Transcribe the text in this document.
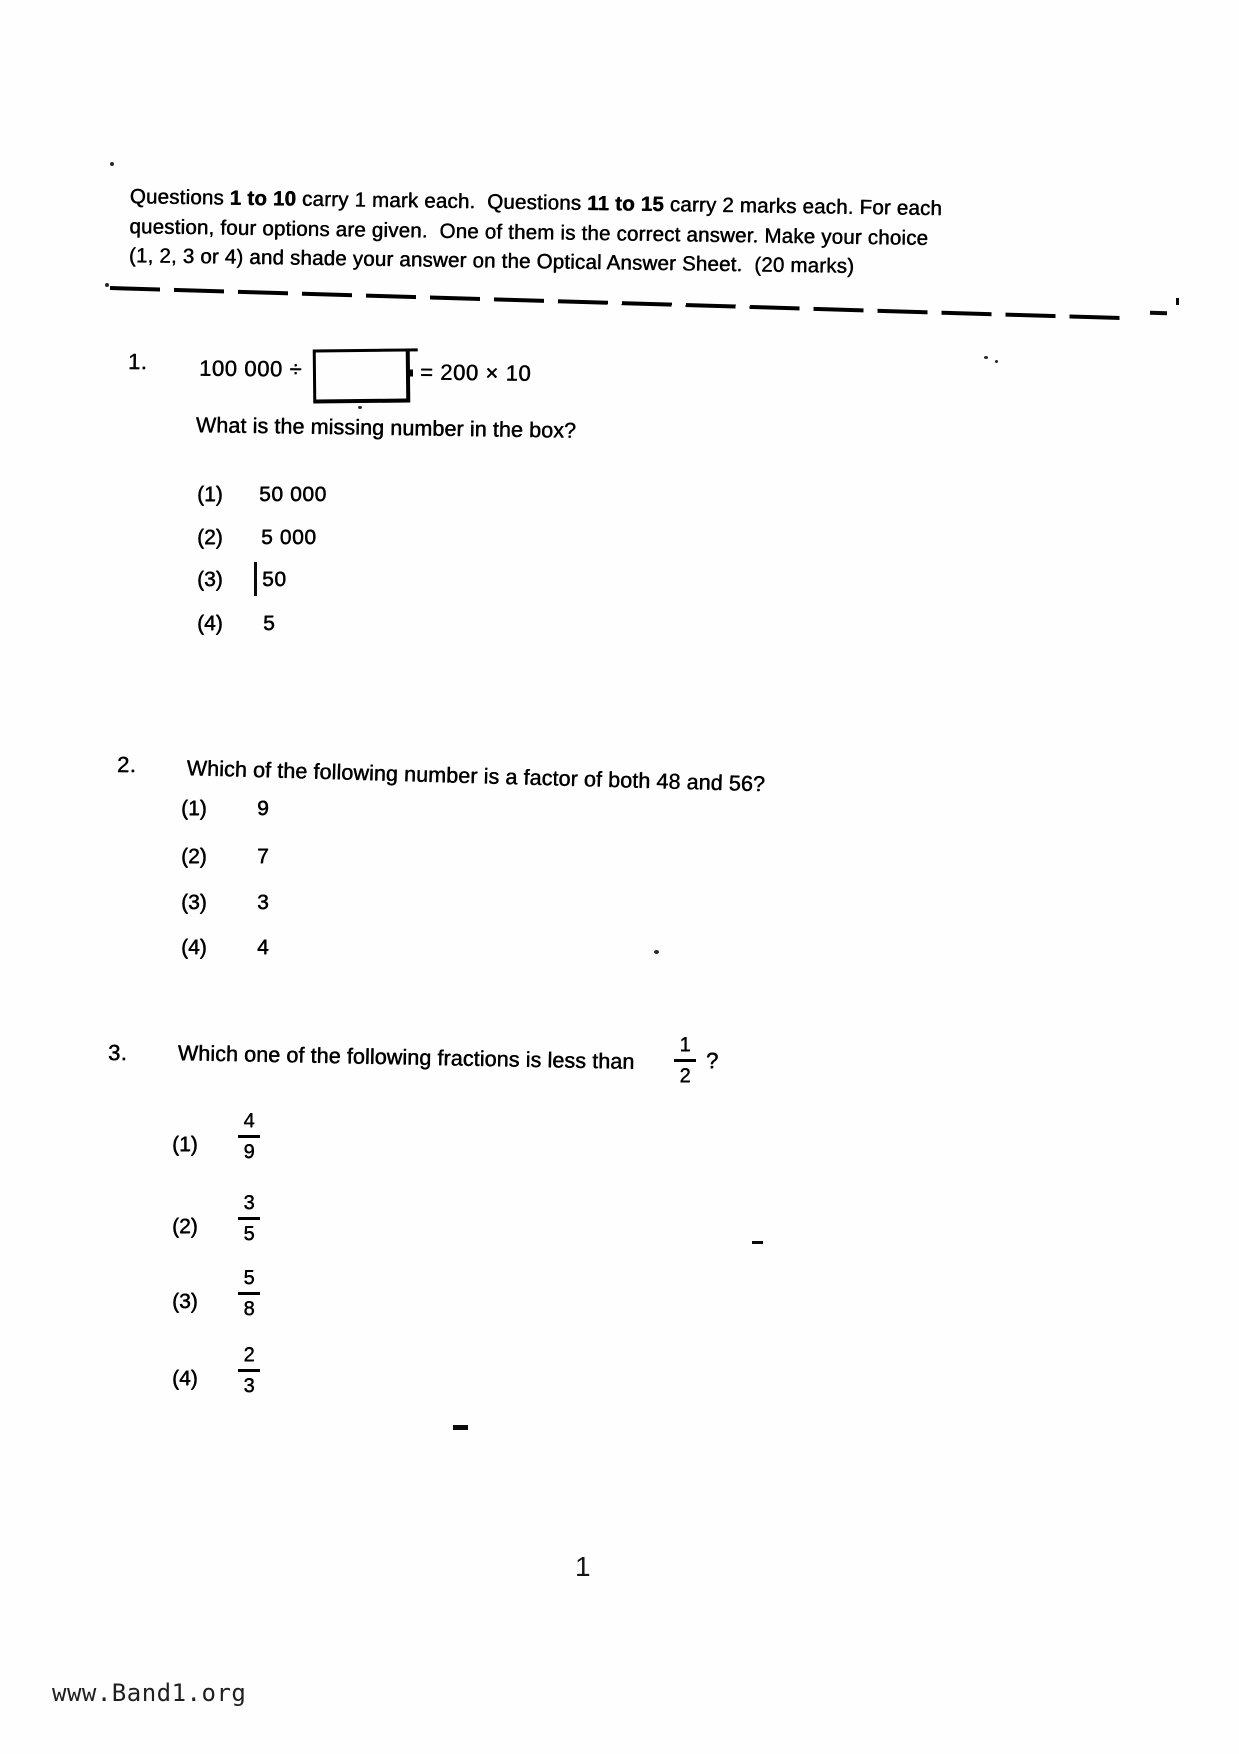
Questions 1 to 10 carry 1 mark each.  Questions 11 to 15 carry 2 marks each. For each
question, four options are given.  One of them is the correct answer. Make your choice
(1, 2, 3 or 4) and shade your answer on the Optical Answer Sheet.  (20 marks)
1. 100 000 ÷	= 200 × 10
What is the missing number in the box?
(1) 50 000
(2) 5 000
(3) 50
(4) 5
2. Which of the following number is a factor of both 48 and 56?
(1) 9
(2) 7
(3) 3
(4) 4
3. Which one of the following fractions is less than	1
2
?
(1)
4
9
(2)
3
5
(3)
5
8
(4)
2
3
1
www.Band1.org
